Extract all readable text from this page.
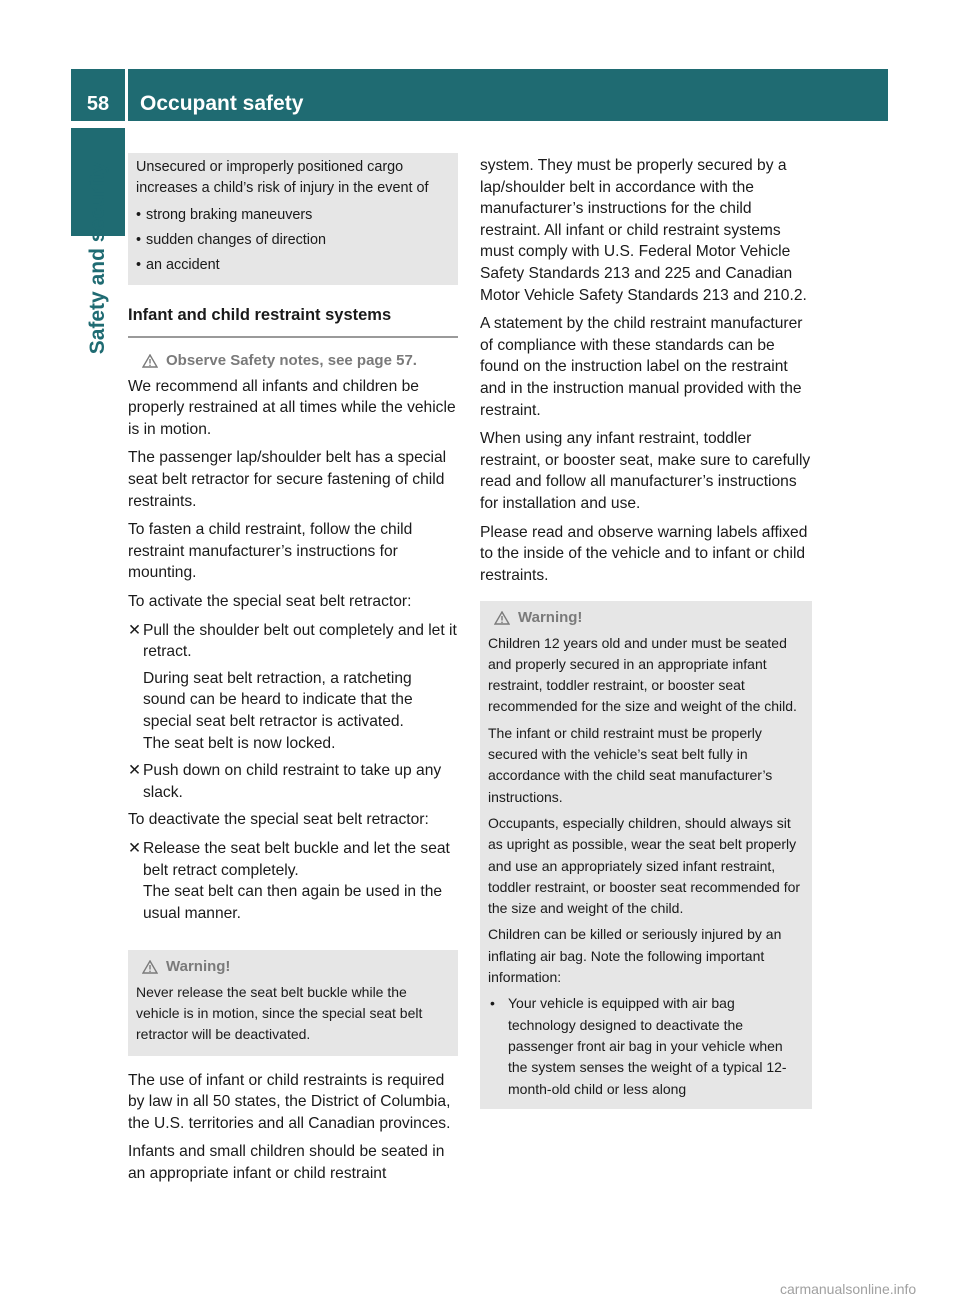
58	Occupant safety
Safety and security Unsecured or improperly positioned cargo increases a child’s risk of injury in the event of

• strong braking maneuvers
• sudden changes of direction
• an accident
Infant and child restraint systems
Observe Safety notes, see page 57.

We recommend all infants and children be properly restrained at all times while the vehicle is in motion.

The passenger lap/shoulder belt has a special seat belt retractor for secure fastening of child restraints.

To fasten a child restraint, follow the child restraint manufacturer’s instructions for mounting.

To activate the special seat belt retractor:

✕ Pull the shoulder belt out completely and let it retract.
During seat belt retraction, a ratcheting sound can be heard to indicate that the special seat belt retractor is activated.
The seat belt is now locked.
✕ Push down on child restraint to take up any slack.

To deactivate the special seat belt retractor:

✕ Release the seat belt buckle and let the seat belt retract completely.
The seat belt can then again be used in the usual manner.
Warning!

Never release the seat belt buckle while the vehicle is in motion, since the special seat belt retractor will be deactivated.

The use of infant or child restraints is required by law in all 50 states, the District of Columbia, the U.S. territories and all Canadian provinces.

Infants and small children should be seated in an appropriate infant or child restraint

system. They must be properly secured by a lap/shoulder belt in accordance with the manufacturer’s instructions for the child restraint. All infant or child restraint systems must comply with U.S. Federal Motor Vehicle Safety Standards 213 and 225 and Canadian Motor Vehicle Safety Standards 213 and 210.2.

A statement by the child restraint manufacturer of compliance with these standards can be found on the instruction label on the restraint and in the instruction manual provided with the restraint.

When using any infant restraint, toddler restraint, or booster seat, make sure to carefully read and follow all manufacturer’s instructions for installation and use.

Please read and observe warning labels affixed to the inside of the vehicle and to infant or child restraints.

Warning!

Children 12 years old and under must be seated and properly secured in an appropriate infant restraint, toddler restraint, or booster seat recommended for the size and weight of the child.

The infant or child restraint must be properly secured with the vehicle’s seat belt fully in accordance with the child seat manufacturer’s instructions.

Occupants, especially children, should always sit as upright as possible, wear the seat belt properly and use an appropriately sized infant restraint, toddler restraint, or booster seat recommended for the size and weight of the child.

Children can be killed or seriously injured by an inflating air bag. Note the following important information:

• Your vehicle is equipped with air bag technology designed to deactivate the passenger front air bag in your vehicle when the system senses the weight of a typical 12-month-old child or less along
carmanualsonline.info
